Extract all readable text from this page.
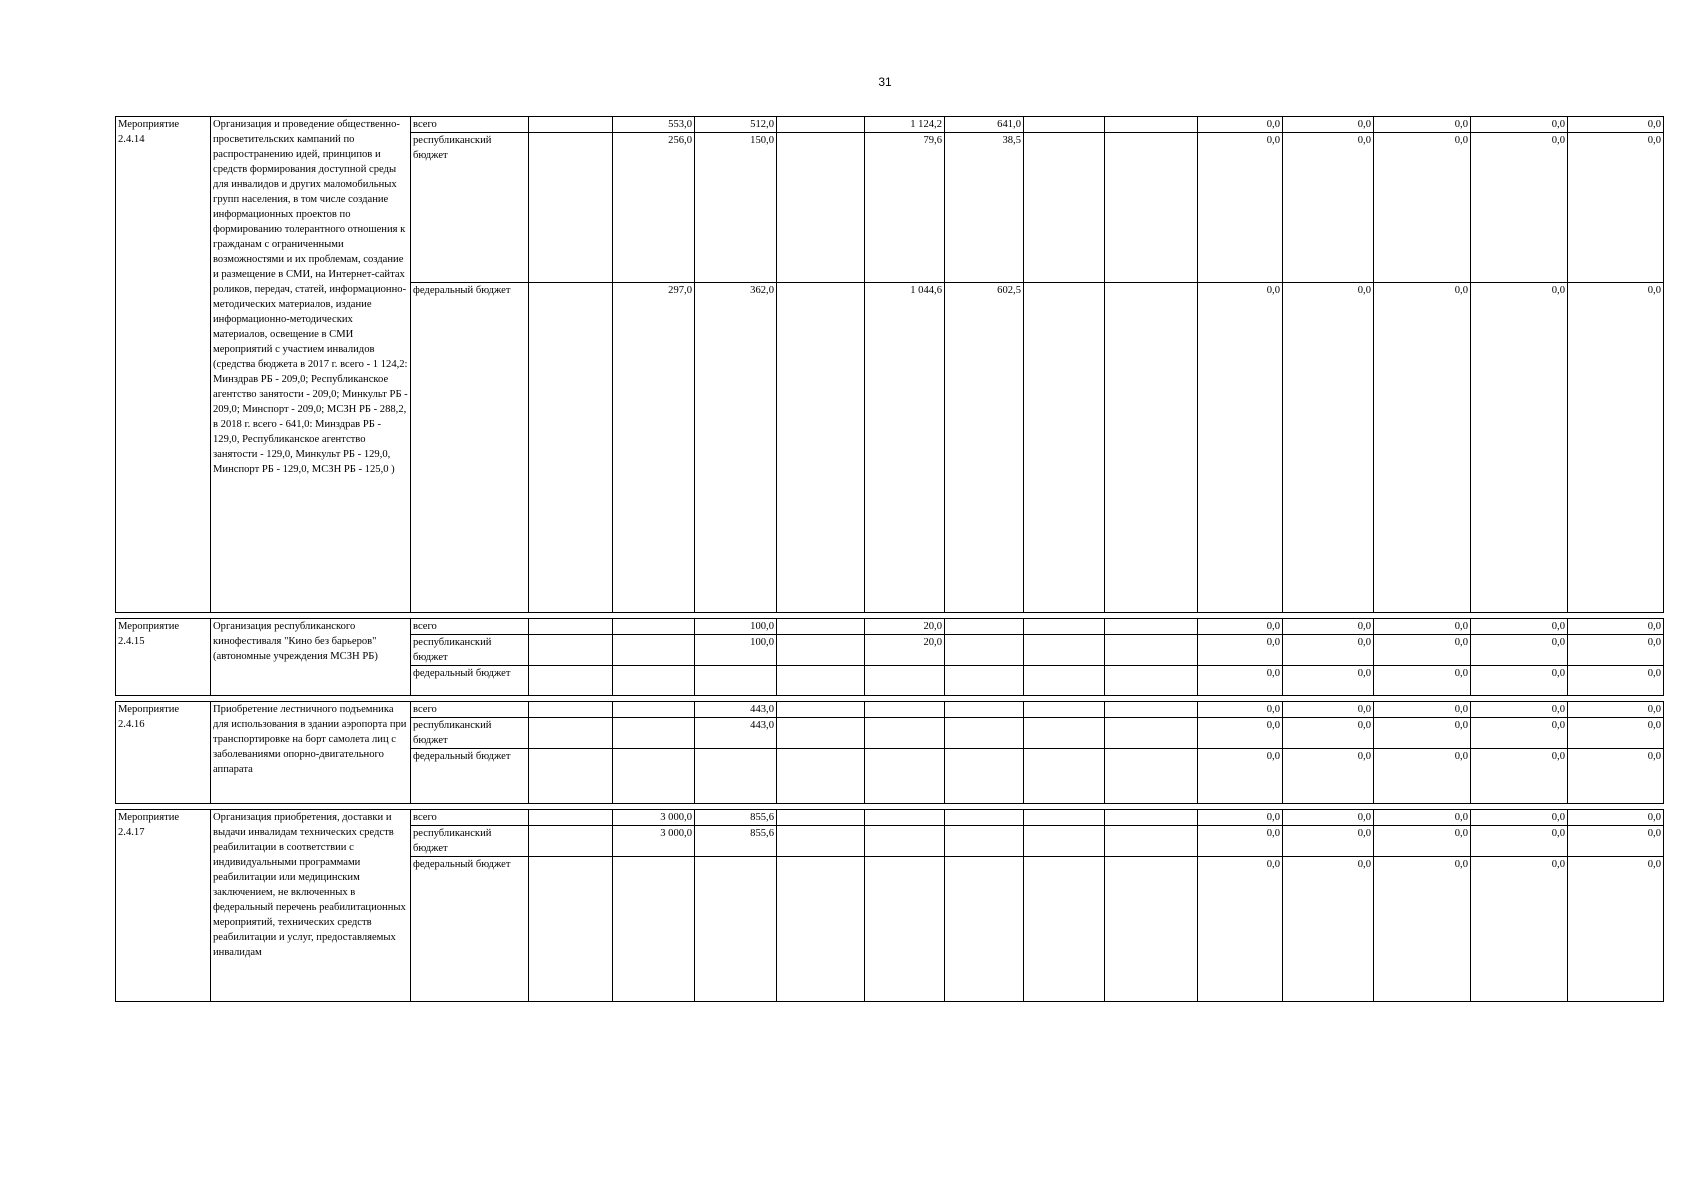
31
Мероприятие 2.4.14	Организация и проведение общественно-просветительских кампаний по распространению идей, принципов и средств формирования доступной среды для инвалидов и других маломобильных групп населения, в том числе создание информационных проектов по формированию толерантного отношения к гражданам с ограниченными возможностями и их проблемам, создание и размещение в СМИ, на Интернет-сайтах роликов, передач, статей, информационно-методических материалов, издание информационно-методических материалов, освещение в СМИ мероприятий с участием инвалидов (средства бюджета в 2017 г. всего - 1 124,2: Минздрав РБ - 209,0; Республиканское агентство занятости - 209,0; Минкульт РБ - 209,0; Минспорт - 209,0; МСЗН РБ - 288,2, в 2018 г. всего - 641,0: Минздрав РБ - 129,0, Республиканское агентство занятости - 129,0, Минкульт РБ - 129,0, Минспорт РБ - 129,0, МСЗН РБ - 125,0 )	всего		553,0	512,0		1 124,2	641,0			0,0	0,0	0,0	0,0	0,0
		республиканский бюджет		256,0	150,0		79,6	38,5			0,0	0,0	0,0	0,0	0,0
		федеральный бюджет		297,0	362,0		1 044,6	602,5			0,0	0,0	0,0	0,0	0,0

Мероприятие 2.4.15	Организация республиканского кинофестиваля "Кино без барьеров" (автономные учреждения МСЗН РБ)	всего			100,0		20,0				0,0	0,0	0,0	0,0	0,0
		республиканский бюджет			100,0		20,0				0,0	0,0	0,0	0,0	0,0
		федеральный бюджет									0,0	0,0	0,0	0,0	0,0

Мероприятие 2.4.16	Приобретение лестничного подъемника для использования в здании аэропорта при транспортировке на борт самолета лиц с заболеваниями опорно-двигательного аппарата	всего			443,0						0,0	0,0	0,0	0,0	0,0
		республиканский бюджет			443,0						0,0	0,0	0,0	0,0	0,0
		федеральный бюджет									0,0	0,0	0,0	0,0	0,0

Мероприятие 2.4.17	Организация приобретения, доставки и выдачи инвалидам технических средств реабилитации в соответствии с индивидуальными программами реабилитации или медицинским заключением, не включенных в федеральный перечень реабилитационных мероприятий, технических средств реабилитации и услуг, предоставляемых инвалидам	всего		3 000,0	855,6						0,0	0,0	0,0	0,0	0,0
		республиканский бюджет		3 000,0	855,6						0,0	0,0	0,0	0,0	0,0
		федеральный бюджет									0,0	0,0	0,0	0,0	0,0
